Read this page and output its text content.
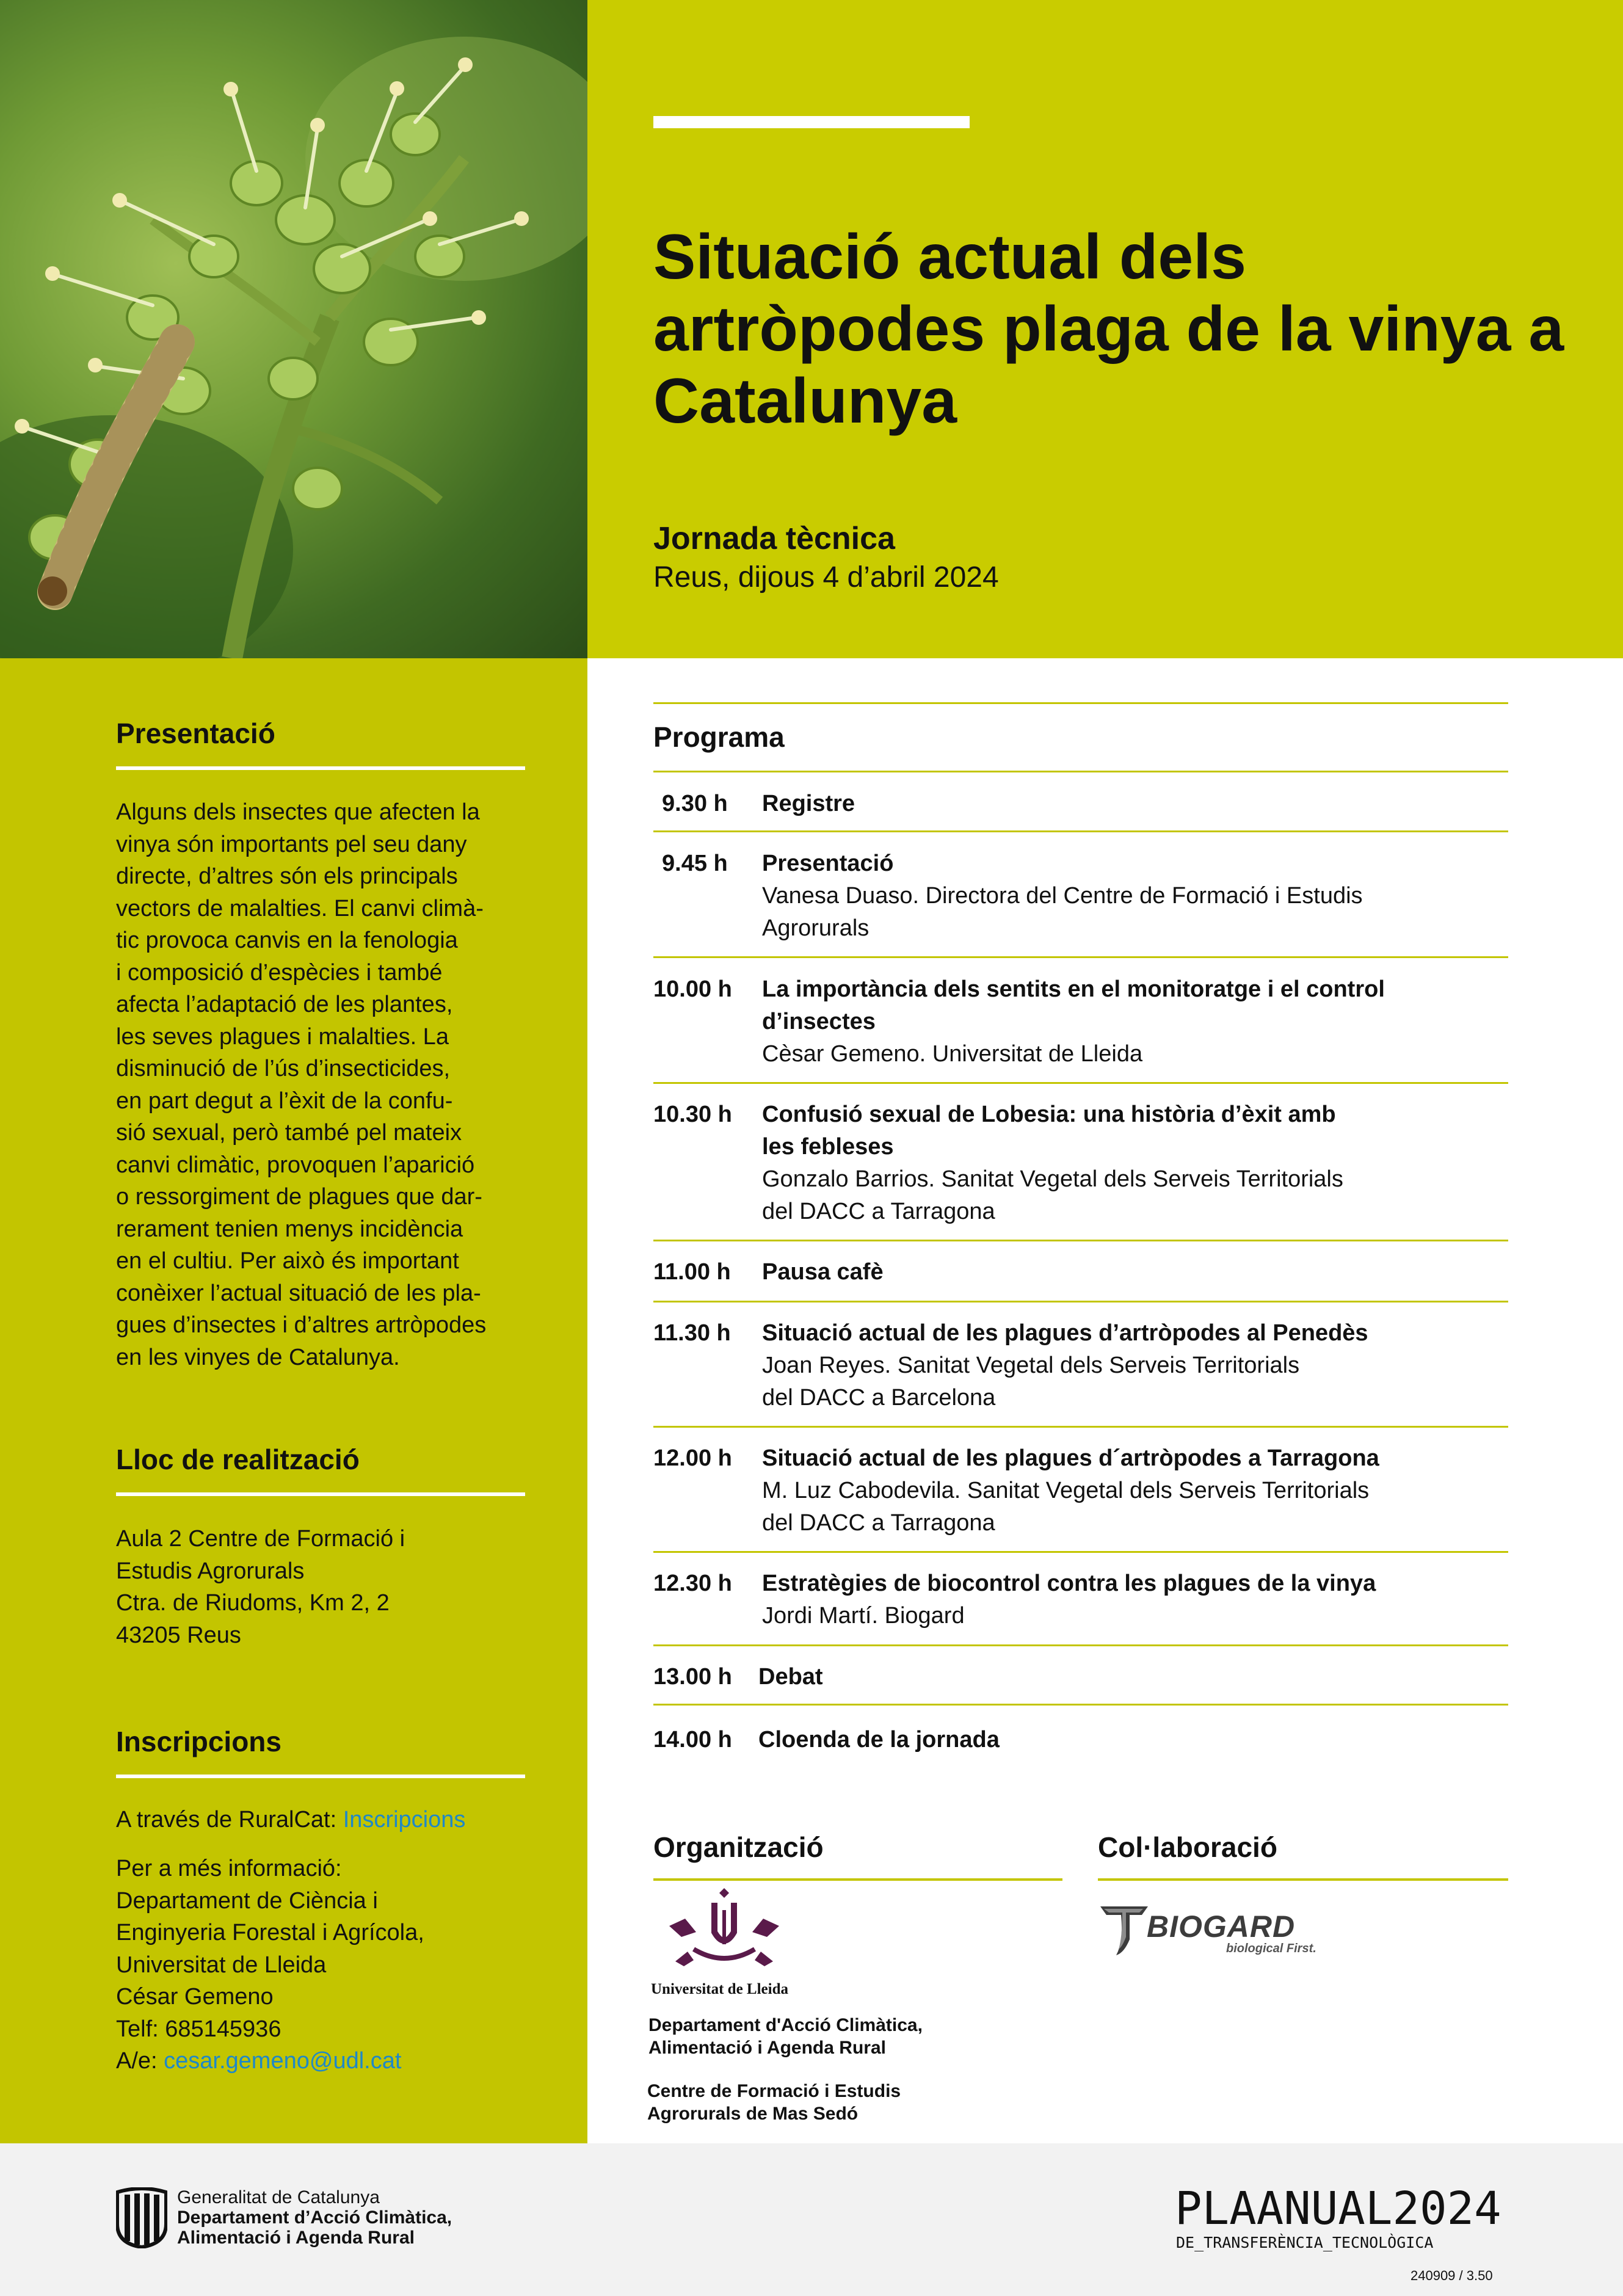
Situació actual dels artròpodes plaga de la vinya a Catalunya
Jornada tècnica
Reus, dijous 4 d’abril 2024
Presentació
Alguns dels insectes que afecten la
vinya són importants pel seu dany
directe, d’altres són els principals
vectors de malalties. El canvi climà-
tic provoca canvis en la fenologia
i composició d’espècies i també
afecta l’adaptació de les plantes,
les seves plagues i malalties. La
disminució de l’ús d’insecticides,
en part degut a l’èxit de la confu-
sió sexual, però també pel mateix
canvi climàtic, provoquen l’aparició
o ressorgiment de plagues que dar-
rerament tenien menys incidència
en el cultiu. Per això és important
conèixer l’actual situació de les pla-
gues d’insectes i d’altres artròpodes
en les vinyes de Catalunya.
Lloc de realització
Aula 2 Centre de Formació i
Estudis Agrorurals
Ctra. de Riudoms, Km 2, 2
43205 Reus
Inscripcions
A través de RuralCat: Inscripcions
Per a més informació:
Departament de Ciència i
Enginyeria Forestal i Agrícola,
Universitat de Lleida
César Gemeno
Telf: 685145936
A/e: cesar.gemeno@udl.cat
Programa
9.30 h Registre
9.45 h Presentació
Vanesa Duaso. Directora del Centre de Formació i Estudis
Agrorurals
10.00 h La importància dels sentits en el monitoratge i el control
d’insectes
Cèsar Gemeno. Universitat de Lleida
10.30 h Confusió sexual de Lobesia: una història d’èxit amb
les febleses
Gonzalo Barrios. Sanitat Vegetal dels Serveis Territorials
del DACC a Tarragona
11.00 h Pausa cafè
11.30 h Situació actual de les plagues d’artròpodes al Penedès
Joan Reyes. Sanitat Vegetal dels Serveis Territorials
del DACC a Barcelona
12.00 h Situació actual de les plagues d´artròpodes a Tarragona
M. Luz Cabodevila. Sanitat Vegetal dels Serveis Territorials
del DACC a Tarragona
12.30 h Estratègies de biocontrol contra les plagues de la vinya
Jordi Martí. Biogard
13.00 h Debat
14.00 h Cloenda de la jornada
Organització
Universitat de Lleida
Departament d'Acció Climàtica,
Alimentació i Agenda Rural
Centre de Formació i Estudis
Agrorurals de Mas Sedó
Col·laboració
BIOGARD
biological First.
Generalitat de Catalunya
Departament d’Acció Climàtica,
Alimentació i Agenda Rural
PLAANUAL2024
DE_TRANSFERÈNCIA_TECNOLÒGICA
240909 / 3.50
